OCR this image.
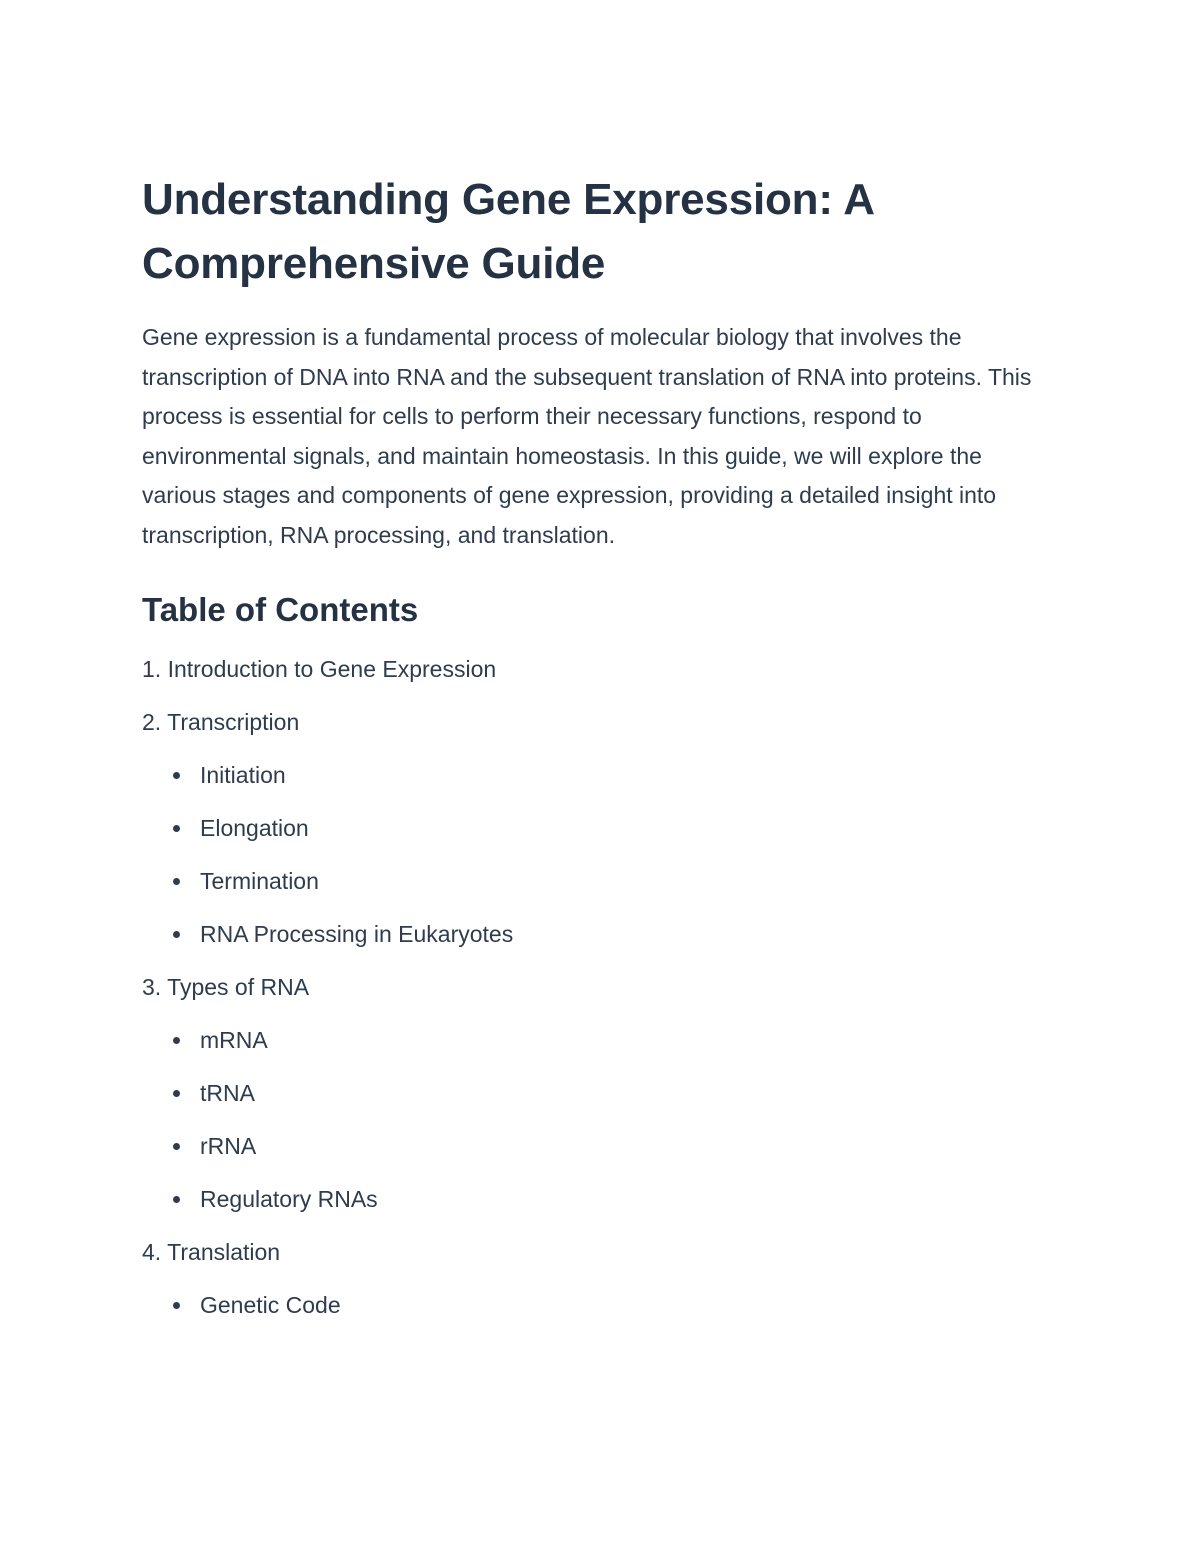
Understanding Gene Expression: A Comprehensive Guide

Gene expression is a fundamental process of molecular biology that involves the transcription of DNA into RNA and the subsequent translation of RNA into proteins. This process is essential for cells to perform their necessary functions, respond to environmental signals, and maintain homeostasis. In this guide, we will explore the various stages and components of gene expression, providing a detailed insight into transcription, RNA processing, and translation.

Table of Contents
1. Introduction to Gene Expression
2. Transcription
Initiation
Elongation
Termination
RNA Processing in Eukaryotes
3. Types of RNA
mRNA
tRNA
rRNA
Regulatory RNAs
4. Translation
Genetic Code
